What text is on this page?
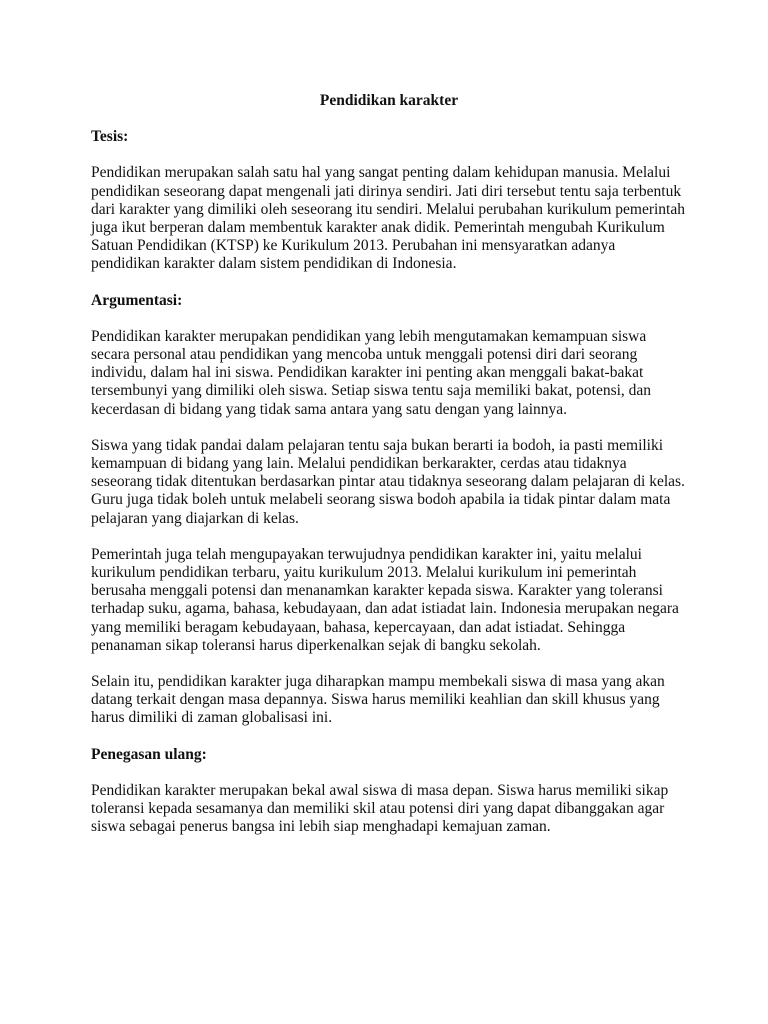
Pendidikan karakter
Tesis:

Pendidikan merupakan salah satu hal yang sangat penting dalam kehidupan manusia. Melalui pendidikan seseorang dapat mengenali jati dirinya sendiri. Jati diri tersebut tentu saja terbentuk dari karakter yang dimiliki oleh seseorang itu sendiri. Melalui perubahan kurikulum pemerintah juga ikut berperan dalam membentuk karakter anak didik. Pemerintah mengubah Kurikulum Satuan Pendidikan (KTSP) ke Kurikulum 2013. Perubahan ini mensyaratkan adanya pendidikan karakter dalam sistem pendidikan di Indonesia.

Argumentasi:

Pendidikan karakter merupakan pendidikan yang lebih mengutamakan kemampuan siswa secara personal atau pendidikan yang mencoba untuk menggali potensi diri dari seorang individu, dalam hal ini siswa. Pendidikan karakter ini penting akan menggali bakat-bakat tersembunyi yang dimiliki oleh siswa. Setiap siswa tentu saja memiliki bakat, potensi, dan kecerdasan di bidang yang tidak sama antara yang satu dengan yang lainnya.

Siswa yang tidak pandai dalam pelajaran tentu saja bukan berarti ia bodoh, ia pasti memiliki kemampuan di bidang yang lain. Melalui pendidikan berkarakter, cerdas atau tidaknya seseorang tidak ditentukan berdasarkan pintar atau tidaknya seseorang dalam pelajaran di kelas. Guru juga tidak boleh untuk melabeli seorang siswa bodoh apabila ia tidak pintar dalam mata pelajaran yang diajarkan di kelas.

Pemerintah juga telah mengupayakan terwujudnya pendidikan karakter ini, yaitu melalui kurikulum pendidikan terbaru, yaitu kurikulum 2013. Melalui kurikulum ini pemerintah berusaha menggali potensi dan menanamkan karakter kepada siswa. Karakter yang toleransi terhadap suku, agama, bahasa, kebudayaan, dan adat istiadat lain. Indonesia merupakan negara yang memiliki beragam kebudayaan, bahasa, kepercayaan, dan adat istiadat. Sehingga penanaman sikap toleransi harus diperkenalkan sejak di bangku sekolah.

Selain itu, pendidikan karakter juga diharapkan mampu membekali siswa di masa yang akan datang terkait dengan masa depannya. Siswa harus memiliki keahlian dan skill khusus yang harus dimiliki di zaman globalisasi ini.

Penegasan ulang:

Pendidikan karakter merupakan bekal awal siswa di masa depan. Siswa harus memiliki sikap toleransi kepada sesamanya dan memiliki skil atau potensi diri yang dapat dibanggakan agar siswa sebagai penerus bangsa ini lebih siap menghadapi kemajuan zaman.
